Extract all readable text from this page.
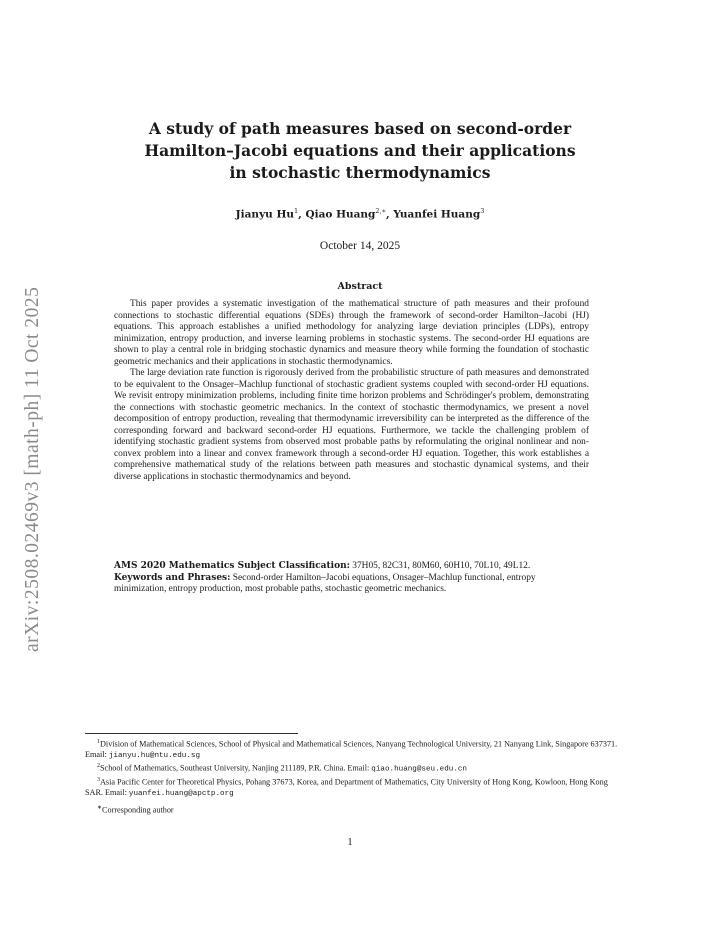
arXiv:2508.02469v3 [math-ph] 11 Oct 2025
A study of path measures based on second-order
Hamilton–Jacobi equations and their applications
in stochastic thermodynamics
Jianyu Hu$^1$, Qiao Huang$^{2,∗}$, Yuanfei Huang$^3$
October 14, 2025
Abstract

This paper provides a systematic investigation of the mathematical structure of path measures and their profound connections to stochastic differential equations (SDEs) through the framework of second-order Hamilton–Jacobi (HJ) equations. This approach establishes a unified methodology for analyzing large deviation principles (LDPs), entropy minimization, entropy production, and inverse learning problems in stochastic systems. The second-order HJ equations are shown to play a central role in bridging stochastic dynamics and measure theory while forming the foundation of stochastic geometric mechanics and their applications in stochastic thermodynamics.

The large deviation rate function is rigorously derived from the probabilistic structure of path measures and demonstrated to be equivalent to the Onsager–Machlup functional of stochastic gradient systems coupled with second-order HJ equations. We revisit entropy minimization problems, including finite time horizon problems and Schrödinger's problem, demonstrating the connections with stochastic geometric mechanics. In the context of stochastic thermodynamics, we present a novel decomposition of entropy production, revealing that thermodynamic irreversibility can be interpreted as the difference of the corresponding forward and backward second-order HJ equations. Furthermore, we tackle the challenging problem of identifying stochastic gradient systems from observed most probable paths by reformulating the original nonlinear and non-convex problem into a linear and convex framework through a second-order HJ equation. Together, this work establishes a comprehensive mathematical study of the relations between path measures and stochastic dynamical systems, and their diverse applications in stochastic thermodynamics and beyond.

AMS 2020 Mathematics Subject Classification: 37H05, 82C31, 80M60, 60H10, 70L10, 49L12.

Keywords and Phrases: Second-order Hamilton–Jacobi equations, Onsager–Machlup functional, entropy minimization, entropy production, most probable paths, stochastic geometric mechanics.

$^1$Division of Mathematical Sciences, School of Physical and Mathematical Sciences, Nanyang Technological University, 21 Nanyang Link, Singapore 637371. Email: jianyu.hu@ntu.edu.sg

$^2$School of Mathematics, Southeast University, Nanjing 211189, P.R. China. Email: qiao.huang@seu.edu.cn

$^3$Asia Pacific Center for Theoretical Physics, Pohang 37673, Korea, and Department of Mathematics, City University of Hong Kong, Kowloon, Hong Kong SAR. Email: yuanfei.huang@apctp.org

∗Corresponding author
1
